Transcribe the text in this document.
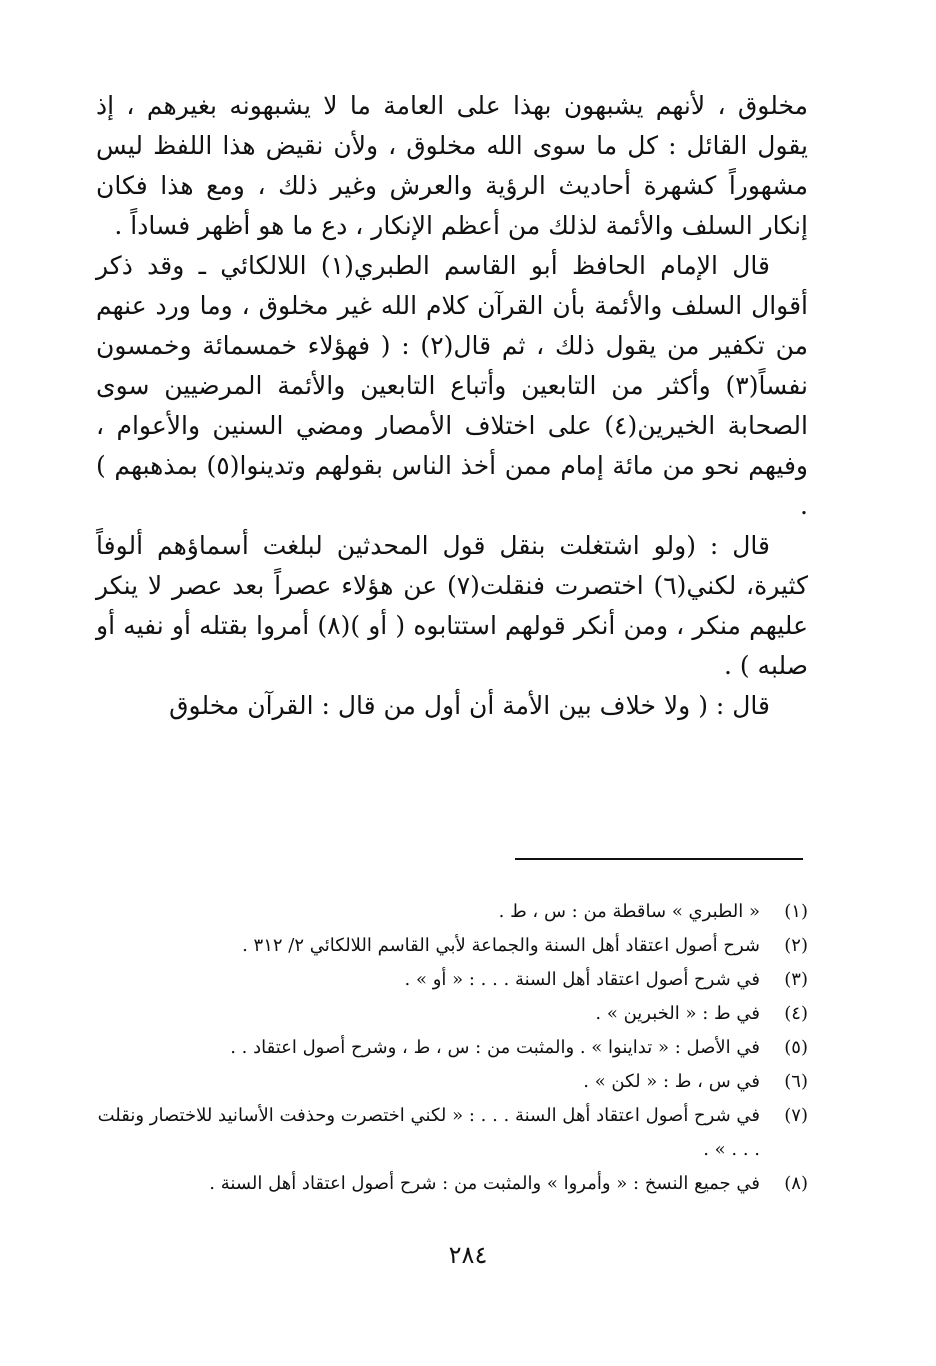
مخلوق ، لأنهم يشبهون بهذا على العامة ما لا يشبهونه بغيرهم ، إذ يقول القائل : كل ما سوى الله مخلوق ، ولأن نقيض هذا اللفظ ليس مشهوراً كشهرة أحاديث الرؤية والعرش وغير ذلك ، ومع هذا فكان إنكار السلف والأئمة لذلك من أعظم الإنكار ، دع ما هو أظهر فساداً .

قال الإمام الحافظ أبو القاسم الطبري(١) اللالكائي ـ وقد ذكر أقوال السلف والأئمة بأن القرآن كلام الله غير مخلوق ، وما ورد عنهم من تكفير من يقول ذلك ، ثم قال(٢) : ( فهؤلاء خمسمائة وخمسون نفساً(٣) وأكثر من التابعين وأتباع التابعين والأئمة المرضيين سوى الصحابة الخيرين(٤) على اختلاف الأمصار ومضي السنين والأعوام ، وفيهم نحو من مائة إمام ممن أخذ الناس بقولهم وتدينوا(٥) بمذهبهم ) .

قال : (ولو اشتغلت بنقل قول المحدثين لبلغت أسماؤهم ألوفاً كثيرة، لكني(٦) اختصرت فنقلت(٧) عن هؤلاء عصراً بعد عصر لا ينكر عليهم منكر ، ومن أنكر قولهم استتابوه ( أو )(٨) أمروا بقتله أو نفيه أو صلبه ) .

قال : ( ولا خلاف بين الأمة أن أول من قال : القرآن مخلوق

(١)
« الطبري » ساقطة من : س ، ط .
(٢)
شرح أصول اعتقاد أهل السنة والجماعة لأبي القاسم اللالكائي ٢/ ٣١٢ .
(٣)
في شرح أصول اعتقاد أهل السنة . . . : « أو » .
(٤)
في ط : « الخبرين » .
(٥)
في الأصل : « تداينوا » . والمثبت من : س ، ط ، وشرح أصول اعتقاد . .
(٦)
في س ، ط : « لكن » .
(٧)
في شرح أصول اعتقاد أهل السنة . . . : « لكني اختصرت وحذفت الأسانيد للاختصار ونقلت . . . » .
(٨)
في جميع النسخ : « وأمروا » والمثبت من : شرح أصول اعتقاد أهل السنة .
٢٨٤
